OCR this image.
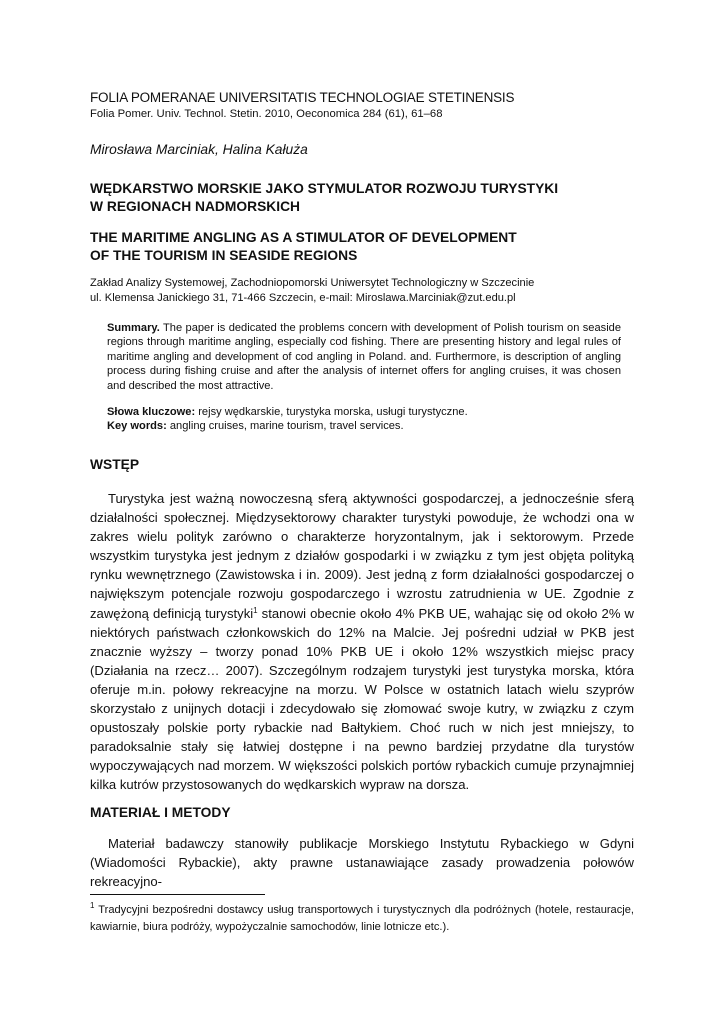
FOLIA POMERANAE UNIVERSITATIS TECHNOLOGIAE STETINENSIS
Folia Pomer. Univ. Technol. Stetin. 2010, Oeconomica 284 (61), 61–68
Mirosława Marciniak, Halina Kałuża
WĘDKARSTWO MORSKIE JAKO STYMULATOR ROZWOJU TURYSTYKI
W REGIONACH NADMORSKICH
THE MARITIME ANGLING AS A STIMULATOR OF DEVELOPMENT
OF THE TOURISM IN SEASIDE REGIONS
Zakład Analizy Systemowej, Zachodniopomorski Uniwersytet Technologiczny w Szczecinie
ul. Klemensa Janickiego 31, 71-466 Szczecin, e-mail: Miroslawa.Marciniak@zut.edu.pl
Summary. The paper is dedicated the problems concern with development of Polish tourism on seaside regions through maritime angling, especially cod fishing. There are presenting history and legal rules of maritime angling and development of cod angling in Poland. and. Furthermore, is description of angling process during fishing cruise and after the analysis of internet offers for angling cruises, it was chosen and described the most attractive.
Słowa kluczowe: rejsy wędkarskie, turystyka morska, usługi turystyczne.
Key words: angling cruises, marine tourism, travel services.
WSTĘP
Turystyka jest ważną nowoczesną sferą aktywności gospodarczej, a jednocześnie sferą działalności społecznej. Międzysektorowy charakter turystyki powoduje, że wchodzi ona w zakres wielu polityk zarówno o charakterze horyzontalnym, jak i sektorowym. Przede wszystkim turystyka jest jednym z działów gospodarki i w związku z tym jest objęta polityką rynku wewnętrznego (Zawistowska i in. 2009). Jest jedną z form działalności gospodarczej o największym potencjale rozwoju gospodarczego i wzrostu zatrudnienia w UE. Zgodnie z zawężoną definicją turystyki$^1$ stanowi obecnie około 4% PKB UE, wahając się od około 2% w niektórych państwach członkowskich do 12% na Malcie. Jej pośredni udział w PKB jest znacznie wyższy – tworzy ponad 10% PKB UE i około 12% wszystkich miejsc pracy (Działania na rzecz… 2007). Szczególnym rodzajem turystyki jest turystyka morska, która oferuje m.in. połowy rekreacyjne na morzu. W Polsce w ostatnich latach wielu szyprów skorzystało z unijnych dotacji i zdecydowało się złomować swoje kutry, w związku z czym opustoszały polskie porty rybackie nad Bałtykiem. Choć ruch w nich jest mniejszy, to paradoksalnie stały się łatwiej dostępne i na pewno bardziej przydatne dla turystów wypoczywających nad morzem. W większości polskich portów rybackich cumuje przynajmniej kilka kutrów przystosowanych do wędkarskich wypraw na dorsza.
MATERIAŁ I METODY
Materiał badawczy stanowiły publikacje Morskiego Instytutu Rybackiego w Gdyni (Wiadomości Rybackie), akty prawne ustanawiające zasady prowadzenia połowów rekreacyjno-
$^1$ Tradycyjni bezpośredni dostawcy usług transportowych i turystycznych dla podróżnych (hotele, restauracje, kawiarnie, biura podróży, wypożyczalnie samochodów, linie lotnicze etc.).
